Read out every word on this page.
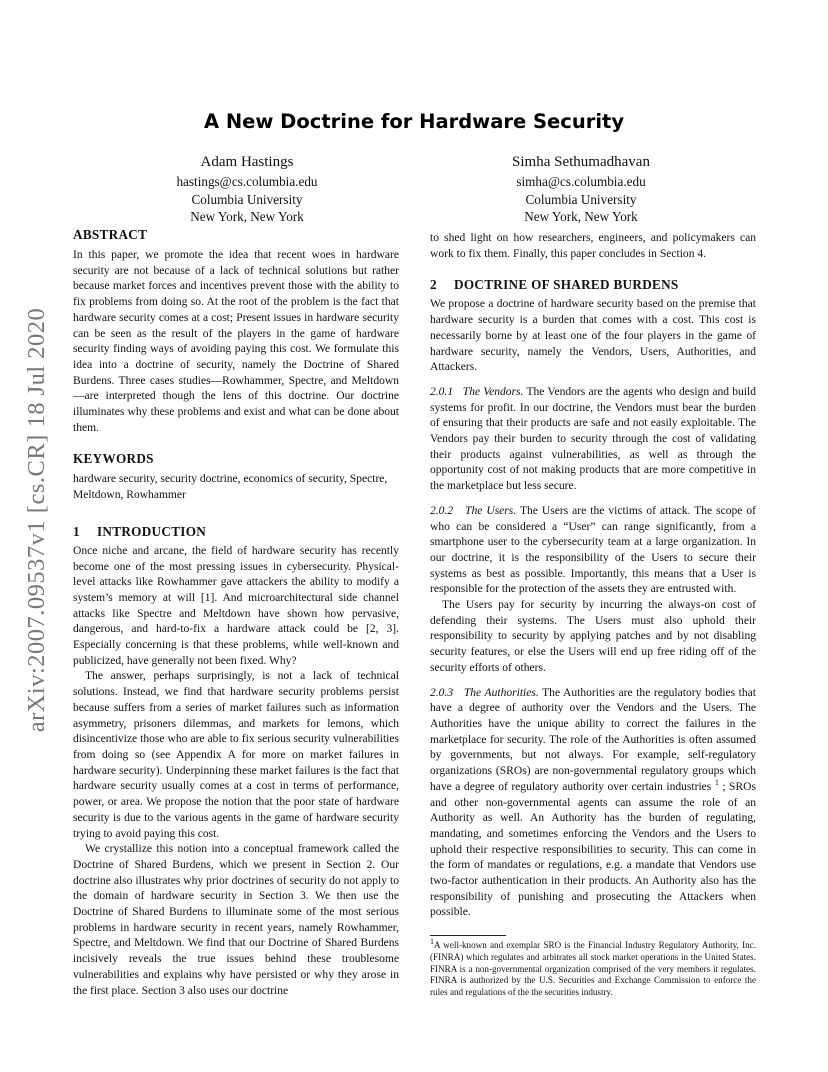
arXiv:2007.09537v1 [cs.CR] 18 Jul 2020
A New Doctrine for Hardware Security
Adam Hastings
hastings@cs.columbia.edu
Columbia University
New York, New York
Simha Sethumadhavan
simha@cs.columbia.edu
Columbia University
New York, New York
ABSTRACT

In this paper, we promote the idea that recent woes in hardware security are not because of a lack of technical solutions but rather because market forces and incentives prevent those with the ability to fix problems from doing so. At the root of the problem is the fact that hardware security comes at a cost; Present issues in hardware security can be seen as the result of the players in the game of hardware security finding ways of avoiding paying this cost. We formulate this idea into a doctrine of security, namely the Doctrine of Shared Burdens. Three cases studies—Rowhammer, Spectre, and Meltdown—are interpreted though the lens of this doctrine. Our doctrine illuminates why these problems and exist and what can be done about them.

KEYWORDS

hardware security, security doctrine, economics of security, Spectre, Meltdown, Rowhammer

1 INTRODUCTION

Once niche and arcane, the field of hardware security has recently become one of the most pressing issues in cybersecurity. Physical-level attacks like Rowhammer gave attackers the ability to modify a system’s memory at will [1]. And microarchitectural side channel attacks like Spectre and Meltdown have shown how pervasive, dangerous, and hard-to-fix a hardware attack could be [2, 3]. Especially concerning is that these problems, while well-known and publicized, have generally not been fixed. Why?

The answer, perhaps surprisingly, is not a lack of technical solutions. Instead, we find that hardware security problems persist because suffers from a series of market failures such as information asymmetry, prisoners dilemmas, and markets for lemons, which disincentivize those who are able to fix serious security vulnerabilities from doing so (see Appendix A for more on market failures in hardware security). Underpinning these market failures is the fact that hardware security usually comes at a cost in terms of performance, power, or area. We propose the notion that the poor state of hardware security is due to the various agents in the game of hardware security trying to avoid paying this cost.

We crystallize this notion into a conceptual framework called the Doctrine of Shared Burdens, which we present in Section 2. Our doctrine also illustrates why prior doctrines of security do not apply to the domain of hardware security in Section 3. We then use the Doctrine of Shared Burdens to illuminate some of the most serious problems in hardware security in recent years, namely Rowhammer, Spectre, and Meltdown. We find that our Doctrine of Shared Burdens incisively reveals the true issues behind these troublesome vulnerabilities and explains why have persisted or why they arose in the first place. Section 3 also uses our doctrine

to shed light on how researchers, engineers, and policymakers can work to fix them. Finally, this paper concludes in Section 4.

2 DOCTRINE OF SHARED BURDENS

We propose a doctrine of hardware security based on the premise that hardware security is a burden that comes with a cost. This cost is necessarily borne by at least one of the four players in the game of hardware security, namely the Vendors, Users, Authorities, and Attackers.

2.0.1 The Vendors. The Vendors are the agents who design and build systems for profit. In our doctrine, the Vendors must bear the burden of ensuring that their products are safe and not easily exploitable. The Vendors pay their burden to security through the cost of validating their products against vulnerabilities, as well as through the opportunity cost of not making products that are more competitive in the marketplace but less secure.

2.0.2 The Users. The Users are the victims of attack. The scope of who can be considered a “User” can range significantly, from a smartphone user to the cybersecurity team at a large organization. In our doctrine, it is the responsibility of the Users to secure their systems as best as possible. Importantly, this means that a User is responsible for the protection of the assets they are entrusted with.

The Users pay for security by incurring the always-on cost of defending their systems. The Users must also uphold their responsibility to security by applying patches and by not disabling security features, or else the Users will end up free riding off of the security efforts of others.

2.0.3 The Authorities. The Authorities are the regulatory bodies that have a degree of authority over the Vendors and the Users. The Authorities have the unique ability to correct the failures in the marketplace for security. The role of the Authorities is often assumed by governments, but not always. For example, self-regulatory organizations (SROs) are non-governmental regulatory groups which have a degree of regulatory authority over certain industries $^1$ ; SROs and other non-governmental agents can assume the role of an Authority as well. An Authority has the burden of regulating, mandating, and sometimes enforcing the Vendors and the Users to uphold their respective responsibilities to security. This can come in the form of mandates or regulations, e.g. a mandate that Vendors use two-factor authentication in their products. An Authority also has the responsibility of punishing and prosecuting the Attackers when possible.

$^1$A well-known and exemplar SRO is the Financial Industry Regulatory Authority, Inc. (FINRA) which regulates and arbitrates all stock market operations in the United States. FINRA is a non-governmental organization comprised of the very members it regulates. FINRA is authorized by the U.S. Securities and Exchange Commission to enforce the rules and regulations of the the securities industry.
